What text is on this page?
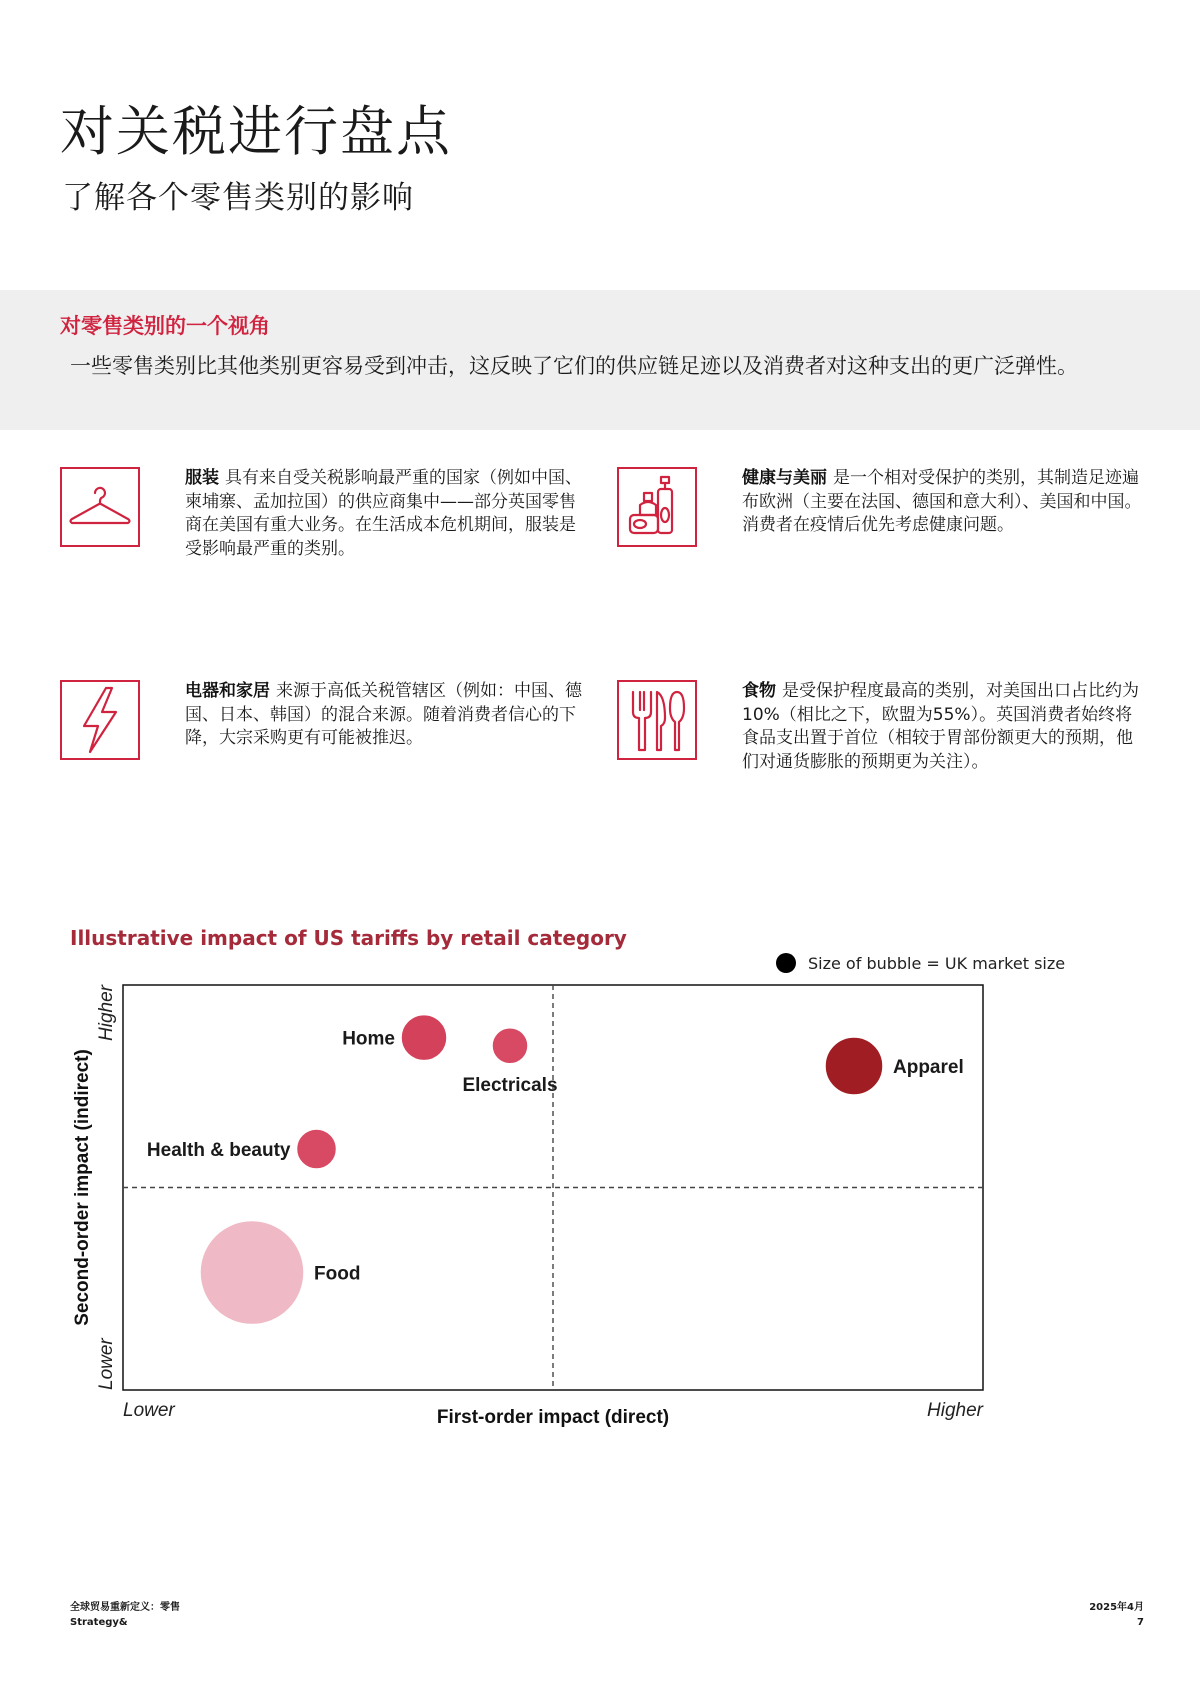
对关税进行盘点
了解各个零售类别的影响
对零售类别的一个视角
一些零售类别比其他类别更容易受到冲击，这反映了它们的供应链足迹以及消费者对这种支出的更广泛弹性。
服装 具有来自受关税影响最严重的国家（例如中国、柬埔寨、孟加拉国）的供应商集中——部分英国零售商在美国有重大业务。在生活成本危机期间，服装是受影响最严重的类别。
健康与美丽 是一个相对受保护的类别，其制造足迹遍布欧洲（主要在法国、德国和意大利）、美国和中国。消费者在疫情后优先考虑健康问题。
电器和家居 来源于高低关税管辖区（例如：中国、德国、日本、韩国）的混合来源。随着消费者信心的下降，大宗采购更有可能被推迟。
食物 是受保护程度最高的类别，对美国出口占比约为10%（相比之下，欧盟为55%）。英国消费者始终将食品支出置于首位（相较于胃部份额更大的预期，他们对通货膨胀的预期更为关注）。
Illustrative impact of US tariffs by retail category
Size of bubble = UK market size
Apparel
Home
Electricals
Health & beauty
Food
Lower	Higher
First-order impact (direct)
Lower
Higher
Second-order impact (indirect)
全球贸易重新定义：零售
Strategy&
2025年4月
7
